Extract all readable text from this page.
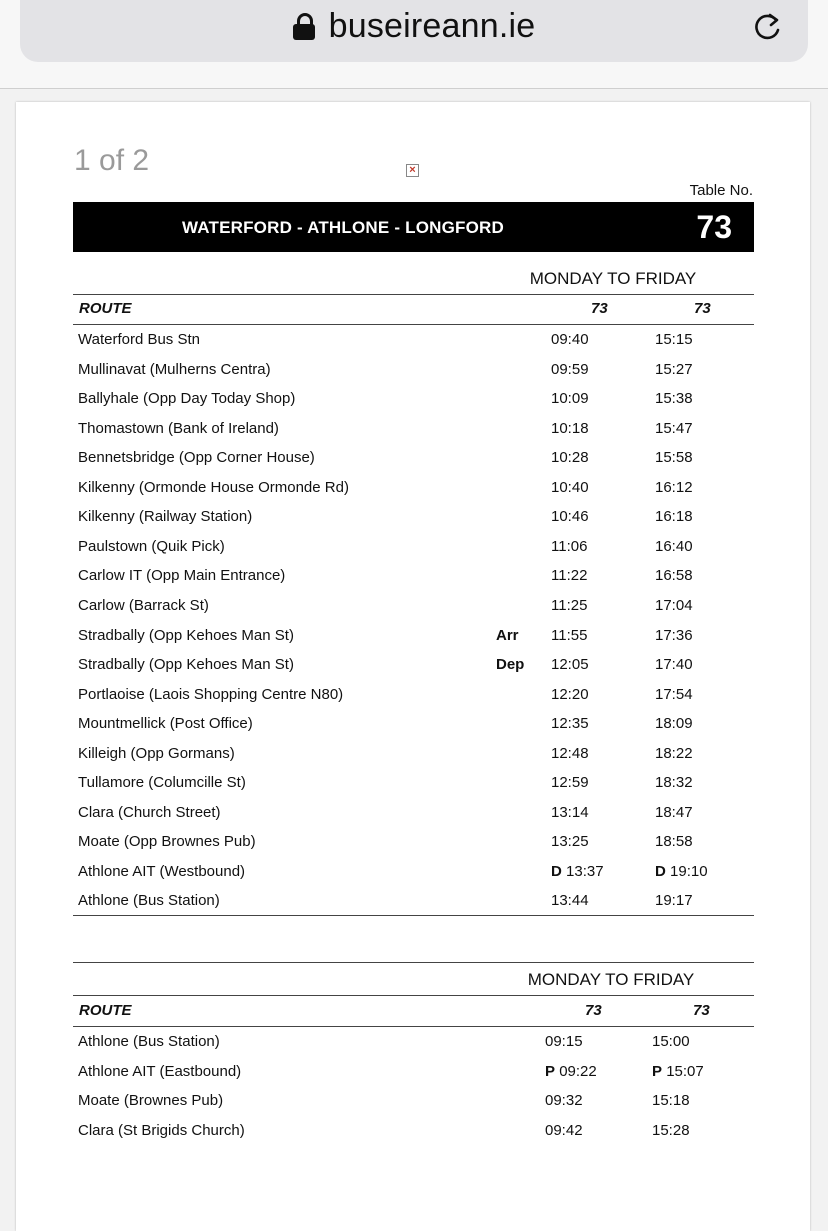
buseireann.ie
1 of 2	×
Table No.
WATERFORD - ATHLONE - LONGFORD	73
MONDAY TO FRIDAY
ROUTE	73	73
Waterford Bus Stn	09:40	15:15
Mullinavat (Mulherns Centra)	09:59	15:27
Ballyhale (Opp Day Today Shop)	10:09	15:38
Thomastown (Bank of Ireland)	10:18	15:47
Bennetsbridge (Opp Corner House)	10:28	15:58
Kilkenny (Ormonde House Ormonde Rd)	10:40	16:12
Kilkenny (Railway Station)	10:46	16:18
Paulstown (Quik Pick)	11:06	16:40
Carlow IT (Opp Main Entrance)	11:22	16:58
Carlow (Barrack St)	11:25	17:04
Stradbally (Opp Kehoes Man St)	Arr 11:55	17:36
Stradbally (Opp Kehoes Man St)	Dep 12:05	17:40
Portlaoise (Laois Shopping Centre N80)	12:20	17:54
Mountmellick (Post Office)	12:35	18:09
Killeigh (Opp Gormans)	12:48	18:22
Tullamore (Columcille St)	12:59	18:32
Clara (Church Street)	13:14	18:47
Moate (Opp Brownes Pub)	13:25	18:58
Athlone AIT (Westbound)	D 13:37	D 19:10
Athlone (Bus Station)	13:44	19:17
MONDAY TO FRIDAY
ROUTE	73	73
Athlone (Bus Station)	09:15	15:00
Athlone AIT (Eastbound)	P 09:22	P 15:07
Moate (Brownes Pub)	09:32	15:18
Clara (St Brigids Church)	09:42	15:28
